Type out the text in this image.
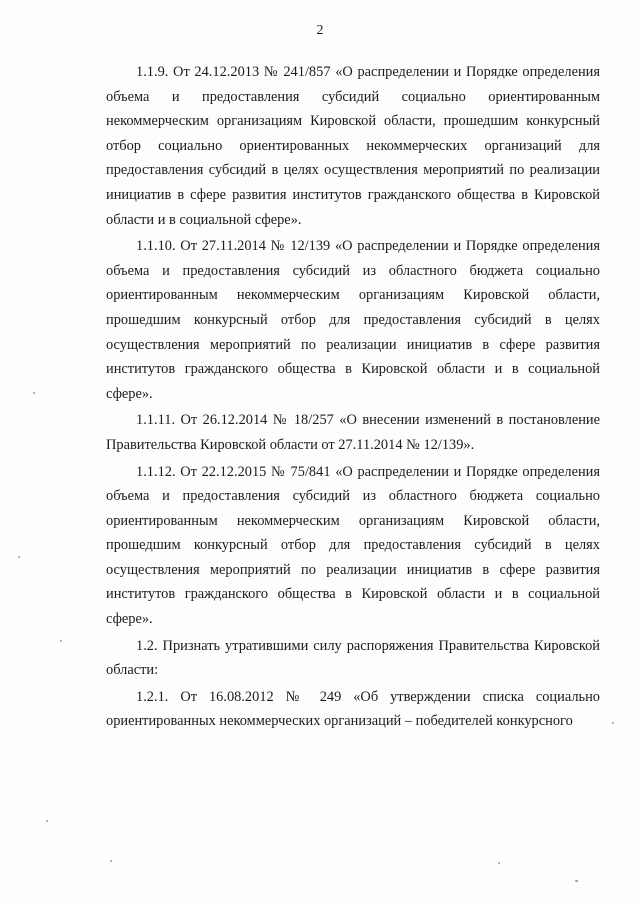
2

1.1.9. От 24.12.2013 № 241/857 «О распределении и Порядке определения объема и предоставления субсидий социально ориентированным некоммерческим организациям Кировской области, прошедшим конкурсный отбор социально ориентированных некоммерческих организаций для предоставления субсидий в целях осуществления мероприятий по реализации инициатив в сфере развития институтов гражданского общества в Кировской области и в социальной сфере».

1.1.10. От 27.11.2014 № 12/139 «О распределении и Порядке определения объема и предоставления субсидий из областного бюджета социально ориентированным некоммерческим организациям Кировской области, прошедшим конкурсный отбор для предоставления субсидий в целях осуществления мероприятий по реализации инициатив в сфере развития институтов гражданского общества в Кировской области и в социальной сфере».

1.1.11. От 26.12.2014 № 18/257 «О внесении изменений в постановление Правительства Кировской области от 27.11.2014 № 12/139».

1.1.12. От 22.12.2015 № 75/841 «О распределении и Порядке определения объема и предоставления субсидий из областного бюджета социально ориентированным некоммерческим организациям Кировской области, прошедшим конкурсный отбор для предоставления субсидий в целях осуществления мероприятий по реализации инициатив в сфере развития институтов гражданского общества в Кировской области и в социальной сфере».

1.2. Признать утратившими силу распоряжения Правительства Кировской области:

1.2.1. От 16.08.2012 № 249 «Об утверждении списка социально ориентированных некоммерческих организаций – победителей конкурсного
